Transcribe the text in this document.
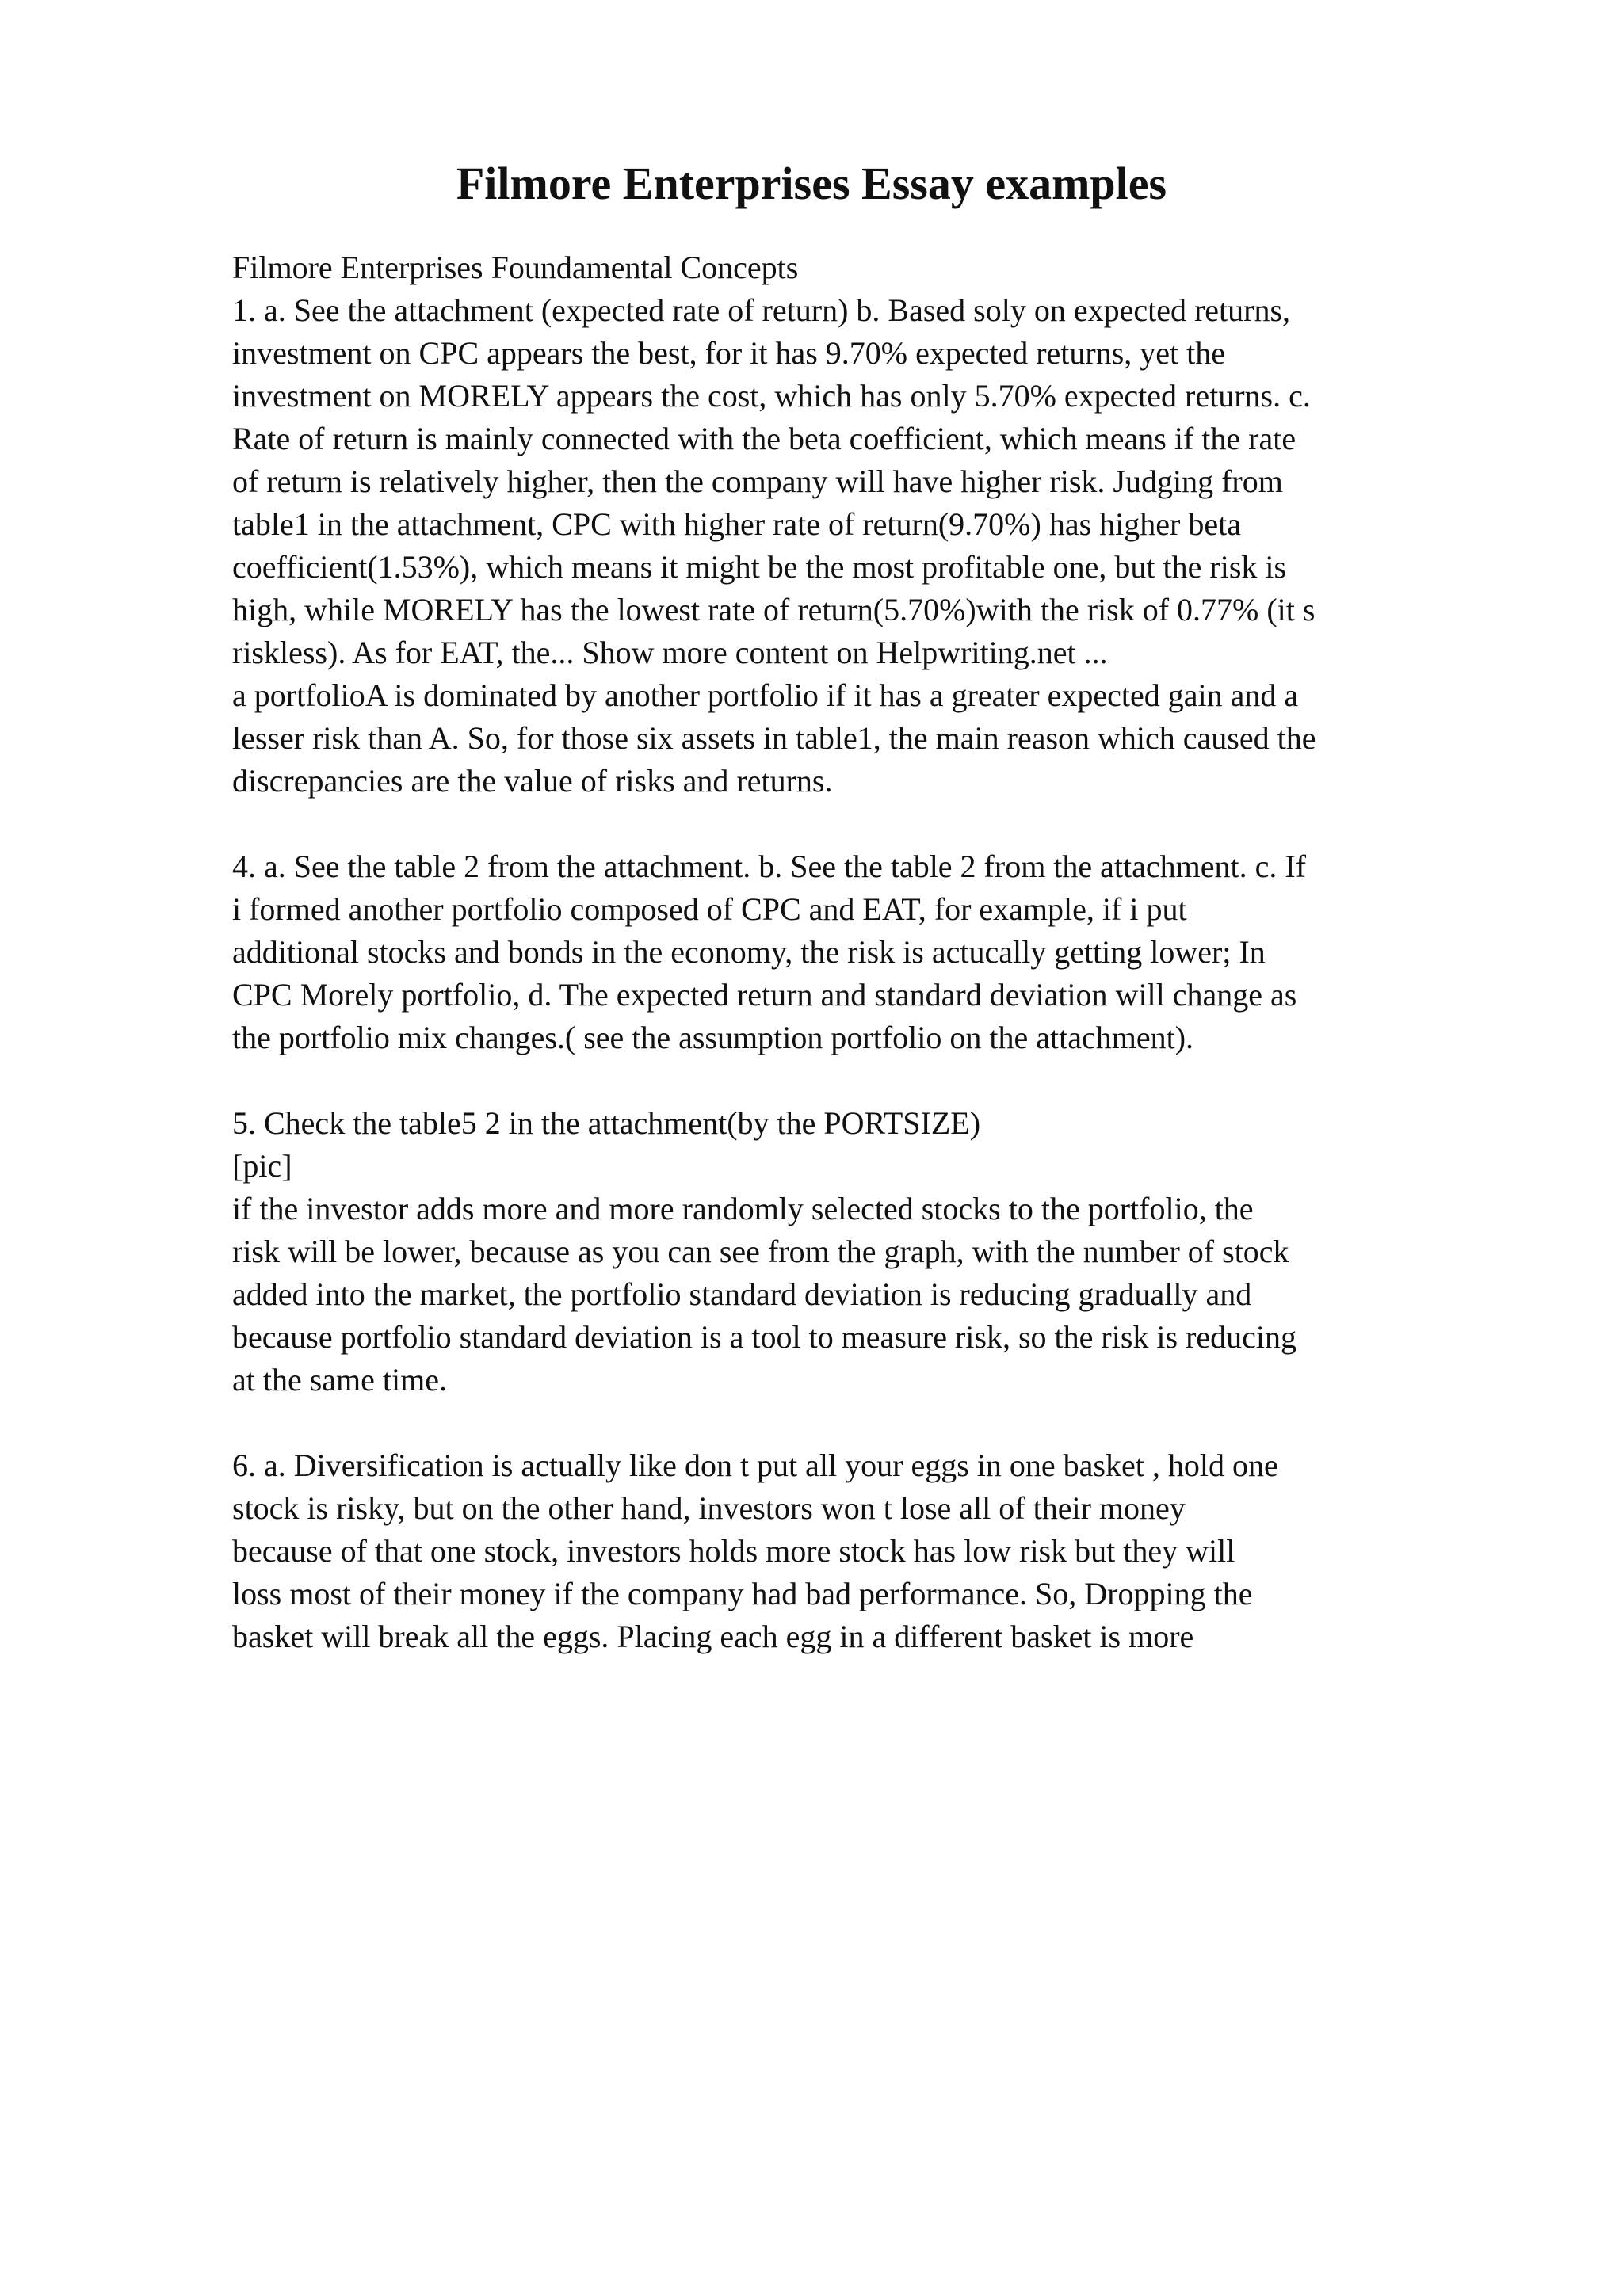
Filmore Enterprises Essay examples
Filmore Enterprises Foundamental Concepts
1. a. See the attachment (expected rate of return) b. Based soly on expected returns,
investment on CPC appears the best, for it has 9.70% expected returns, yet the
investment on MORELY appears the cost, which has only 5.70% expected returns. c.
Rate of return is mainly connected with the beta coefficient, which means if the rate
of return is relatively higher, then the company will have higher risk. Judging from
table1 in the attachment, CPC with higher rate of return(9.70%) has higher beta
coefficient(1.53%), which means it might be the most profitable one, but the risk is
high, while MORELY has the lowest rate of return(5.70%)with the risk of 0.77% (it s
riskless). As for EAT, the... Show more content on Helpwriting.net ...
a portfolioA is dominated by another portfolio if it has a greater expected gain and a
lesser risk than A. So, for those six assets in table1, the main reason which caused the
discrepancies are the value of risks and returns.
4. a. See the table 2 from the attachment. b. See the table 2 from the attachment. c. If
i formed another portfolio composed of CPC and EAT, for example, if i put
additional stocks and bonds in the economy, the risk is actucally getting lower; In
CPC Morely portfolio, d. The expected return and standard deviation will change as
the portfolio mix changes.( see the assumption portfolio on the attachment).
5. Check the table5 2 in the attachment(by the PORTSIZE)
[pic]
if the investor adds more and more randomly selected stocks to the portfolio, the
risk will be lower, because as you can see from the graph, with the number of stock
added into the market, the portfolio standard deviation is reducing gradually and
because portfolio standard deviation is a tool to measure risk, so the risk is reducing
at the same time.
6. a. Diversification is actually like don t put all your eggs in one basket , hold one
stock is risky, but on the other hand, investors won t lose all of their money
because of that one stock, investors holds more stock has low risk but they will
loss most of their money if the company had bad performance. So, Dropping the
basket will break all the eggs. Placing each egg in a different basket is more
